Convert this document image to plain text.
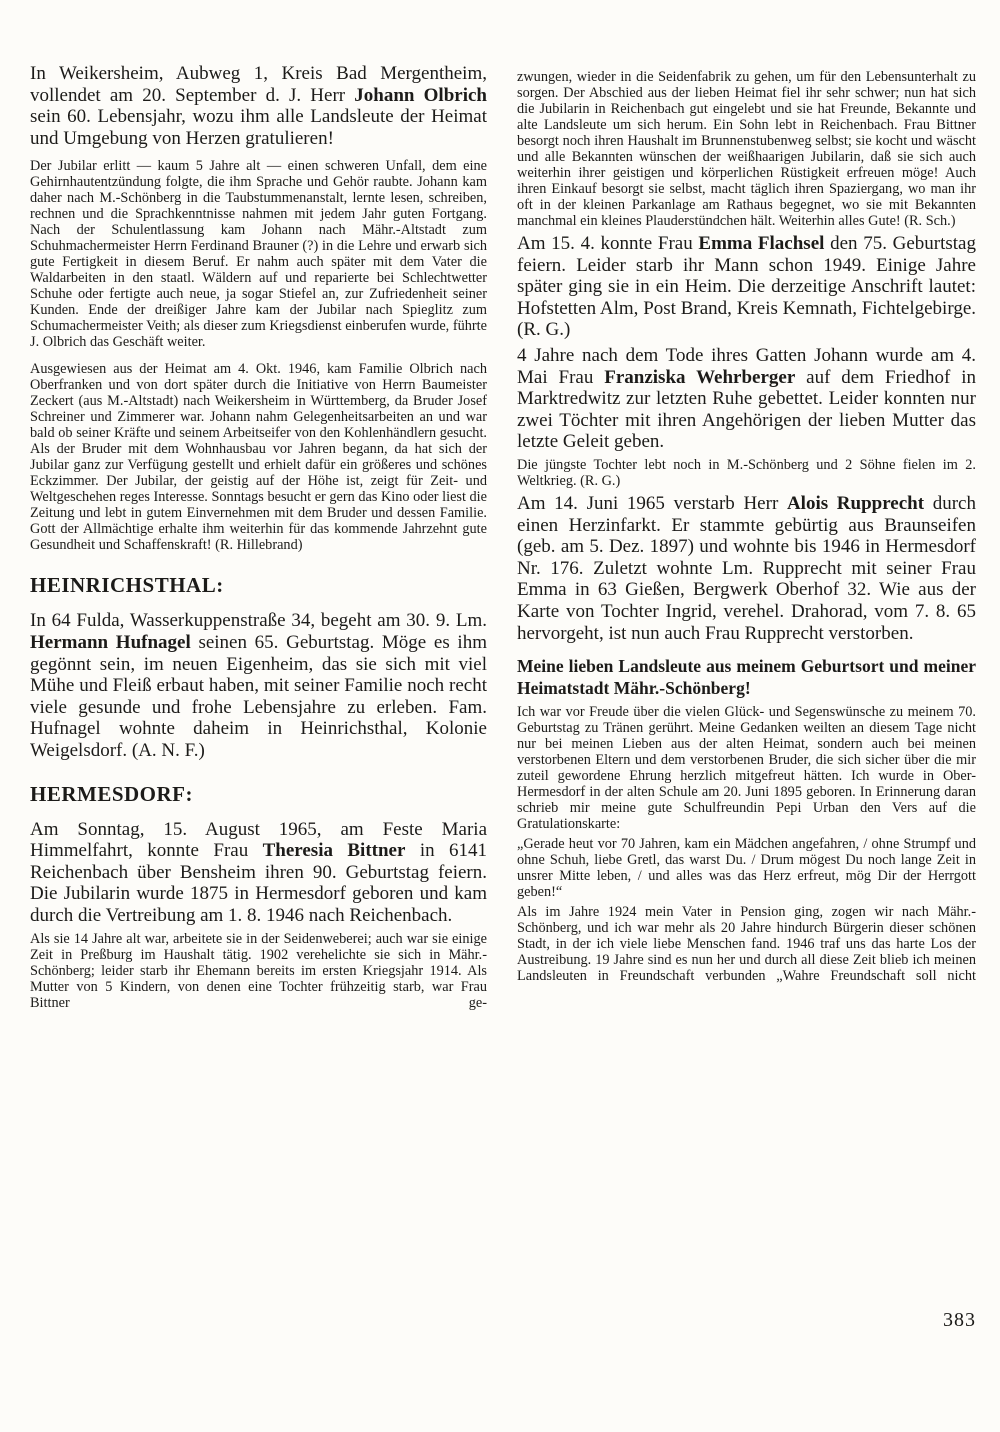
In Weikersheim, Aubweg 1, Kreis Bad Mergentheim, vollendet am 20. September d. J. Herr Johann Olbrich sein 60. Lebensjahr, wozu ihm alle Landsleute der Heimat und Umgebung von Herzen gratulieren!

Der Jubilar erlitt — kaum 5 Jahre alt — einen schweren Unfall, dem eine Gehirnhautentzündung folgte, die ihm Sprache und Gehör raubte. Johann kam daher nach M.-Schönberg in die Taubstummenanstalt, lernte lesen, schreiben, rechnen und die Sprachkenntnisse nahmen mit jedem Jahr guten Fortgang. Nach der Schulentlassung kam Johann nach Mähr.-Altstadt zum Schuhmachermeister Herrn Ferdinand Brauner (?) in die Lehre und erwarb sich gute Fertigkeit in diesem Beruf. Er nahm auch später mit dem Vater die Waldarbeiten in den staatl. Wäldern auf und reparierte bei Schlechtwetter Schuhe oder fertigte auch neue, ja sogar Stiefel an, zur Zufriedenheit seiner Kunden. Ende der dreißiger Jahre kam der Jubilar nach Spieglitz zum Schumachermeister Veith; als dieser zum Kriegsdienst einberufen wurde, führte J. Olbrich das Geschäft weiter.

Ausgewiesen aus der Heimat am 4. Okt. 1946, kam Familie Olbrich nach Oberfranken und von dort später durch die Initiative von Herrn Baumeister Zeckert (aus M.-Altstadt) nach Weikersheim in Württemberg, da Bruder Josef Schreiner und Zimmerer war. Johann nahm Gelegenheitsarbeiten an und war bald ob seiner Kräfte und seinem Arbeitseifer von den Kohlenhändlern gesucht. Als der Bruder mit dem Wohnhausbau vor Jahren begann, da hat sich der Jubilar ganz zur Verfügung gestellt und erhielt dafür ein größeres und schönes Eckzimmer. Der Jubilar, der geistig auf der Höhe ist, zeigt für Zeit- und Weltgeschehen reges Interesse. Sonntags besucht er gern das Kino oder liest die Zeitung und lebt in gutem Einvernehmen mit dem Bruder und dessen Familie. Gott der Allmächtige erhalte ihm weiterhin für das kommende Jahrzehnt gute Gesundheit und Schaffenskraft! (R. Hillebrand)

HEINRICHSTHAL:

In 64 Fulda, Wasserkuppenstraße 34, begeht am 30. 9. Lm. Hermann Hufnagel seinen 65. Geburtstag. Möge es ihm gegönnt sein, im neuen Eigenheim, das sie sich mit viel Mühe und Fleiß erbaut haben, mit seiner Familie noch recht viele gesunde und frohe Lebensjahre zu erleben. Fam. Hufnagel wohnte daheim in Heinrichsthal, Kolonie Weigelsdorf. (A. N. F.)

HERMESDORF:

Am Sonntag, 15. August 1965, am Feste Maria Himmelfahrt, konnte Frau Theresia Bittner in 6141 Reichenbach über Bensheim ihren 90. Geburtstag feiern. Die Jubilarin wurde 1875 in Hermesdorf geboren und kam durch die Vertreibung am 1. 8. 1946 nach Reichenbach.

Als sie 14 Jahre alt war, arbeitete sie in der Seidenweberei; auch war sie einige Zeit in Preßburg im Haushalt tätig. 1902 verehelichte sie sich in Mähr.-Schönberg; leider starb ihr Ehemann bereits im ersten Kriegsjahr 1914. Als Mutter von 5 Kindern, von denen eine Tochter frühzeitig starb, war Frau Bittner ge-

zwungen, wieder in die Seidenfabrik zu gehen, um für den Lebensunterhalt zu sorgen. Der Abschied aus der lieben Heimat fiel ihr sehr schwer; nun hat sich die Jubilarin in Reichenbach gut eingelebt und sie hat Freunde, Bekannte und alte Landsleute um sich herum. Ein Sohn lebt in Reichenbach. Frau Bittner besorgt noch ihren Haushalt im Brunnenstubenweg selbst; sie kocht und wäscht und alle Bekannten wünschen der weißhaarigen Jubilarin, daß sie sich auch weiterhin ihrer geistigen und körperlichen Rüstigkeit erfreuen möge! Auch ihren Einkauf besorgt sie selbst, macht täglich ihren Spaziergang, wo man ihr oft in der kleinen Parkanlage am Rathaus begegnet, wo sie mit Bekannten manchmal ein kleines Plauderstündchen hält. Weiterhin alles Gute! (R. Sch.)

Am 15. 4. konnte Frau Emma Flachsel den 75. Geburtstag feiern. Leider starb ihr Mann schon 1949. Einige Jahre später ging sie in ein Heim. Die derzeitige Anschrift lautet: Hofstetten Alm, Post Brand, Kreis Kemnath, Fichtelgebirge. (R. G.)

4 Jahre nach dem Tode ihres Gatten Johann wurde am 4. Mai Frau Franziska Wehrberger auf dem Friedhof in Marktredwitz zur letzten Ruhe gebettet. Leider konnten nur zwei Töchter mit ihren Angehörigen der lieben Mutter das letzte Geleit geben.

Die jüngste Tochter lebt noch in M.-Schönberg und 2 Söhne fielen im 2. Weltkrieg. (R. G.)

Am 14. Juni 1965 verstarb Herr Alois Rupprecht durch einen Herzinfarkt. Er stammte gebürtig aus Braunseifen (geb. am 5. Dez. 1897) und wohnte bis 1946 in Hermesdorf Nr. 176. Zuletzt wohnte Lm. Rupprecht mit seiner Frau Emma in 63 Gießen, Bergwerk Oberhof 32. Wie aus der Karte von Tochter Ingrid, verehel. Drahorad, vom 7. 8. 65 hervorgeht, ist nun auch Frau Rupprecht verstorben.

Meine lieben Landsleute aus meinem Geburtsort und meiner Heimatstadt Mähr.-Schönberg!

Ich war vor Freude über die vielen Glück- und Segenswünsche zu meinem 70. Geburtstag zu Tränen gerührt. Meine Gedanken weilten an diesem Tage nicht nur bei meinen Lieben aus der alten Heimat, sondern auch bei meinen verstorbenen Eltern und dem verstorbenen Bruder, die sich sicher über die mir zuteil gewordene Ehrung herzlich mitgefreut hätten. Ich wurde in Ober-Hermesdorf in der alten Schule am 20. Juni 1895 geboren. In Erinnerung daran schrieb mir meine gute Schulfreundin Pepi Urban den Vers auf die Gratulationskarte:

„Gerade heut vor 70 Jahren, kam ein Mädchen angefahren, / ohne Strumpf und ohne Schuh, liebe Gretl, das warst Du. / Drum mögest Du noch lange Zeit in unsrer Mitte leben, / und alles was das Herz erfreut, mög Dir der Herrgott geben!“

Als im Jahre 1924 mein Vater in Pension ging, zogen wir nach Mähr.-Schönberg, und ich war mehr als 20 Jahre hindurch Bürgerin dieser schönen Stadt, in der ich viele liebe Menschen fand. 1946 traf uns das harte Los der Austreibung. 19 Jahre sind es nun her und durch all diese Zeit blieb ich meinen Landsleuten in Freundschaft verbunden „Wahre Freundschaft soll nicht

383
